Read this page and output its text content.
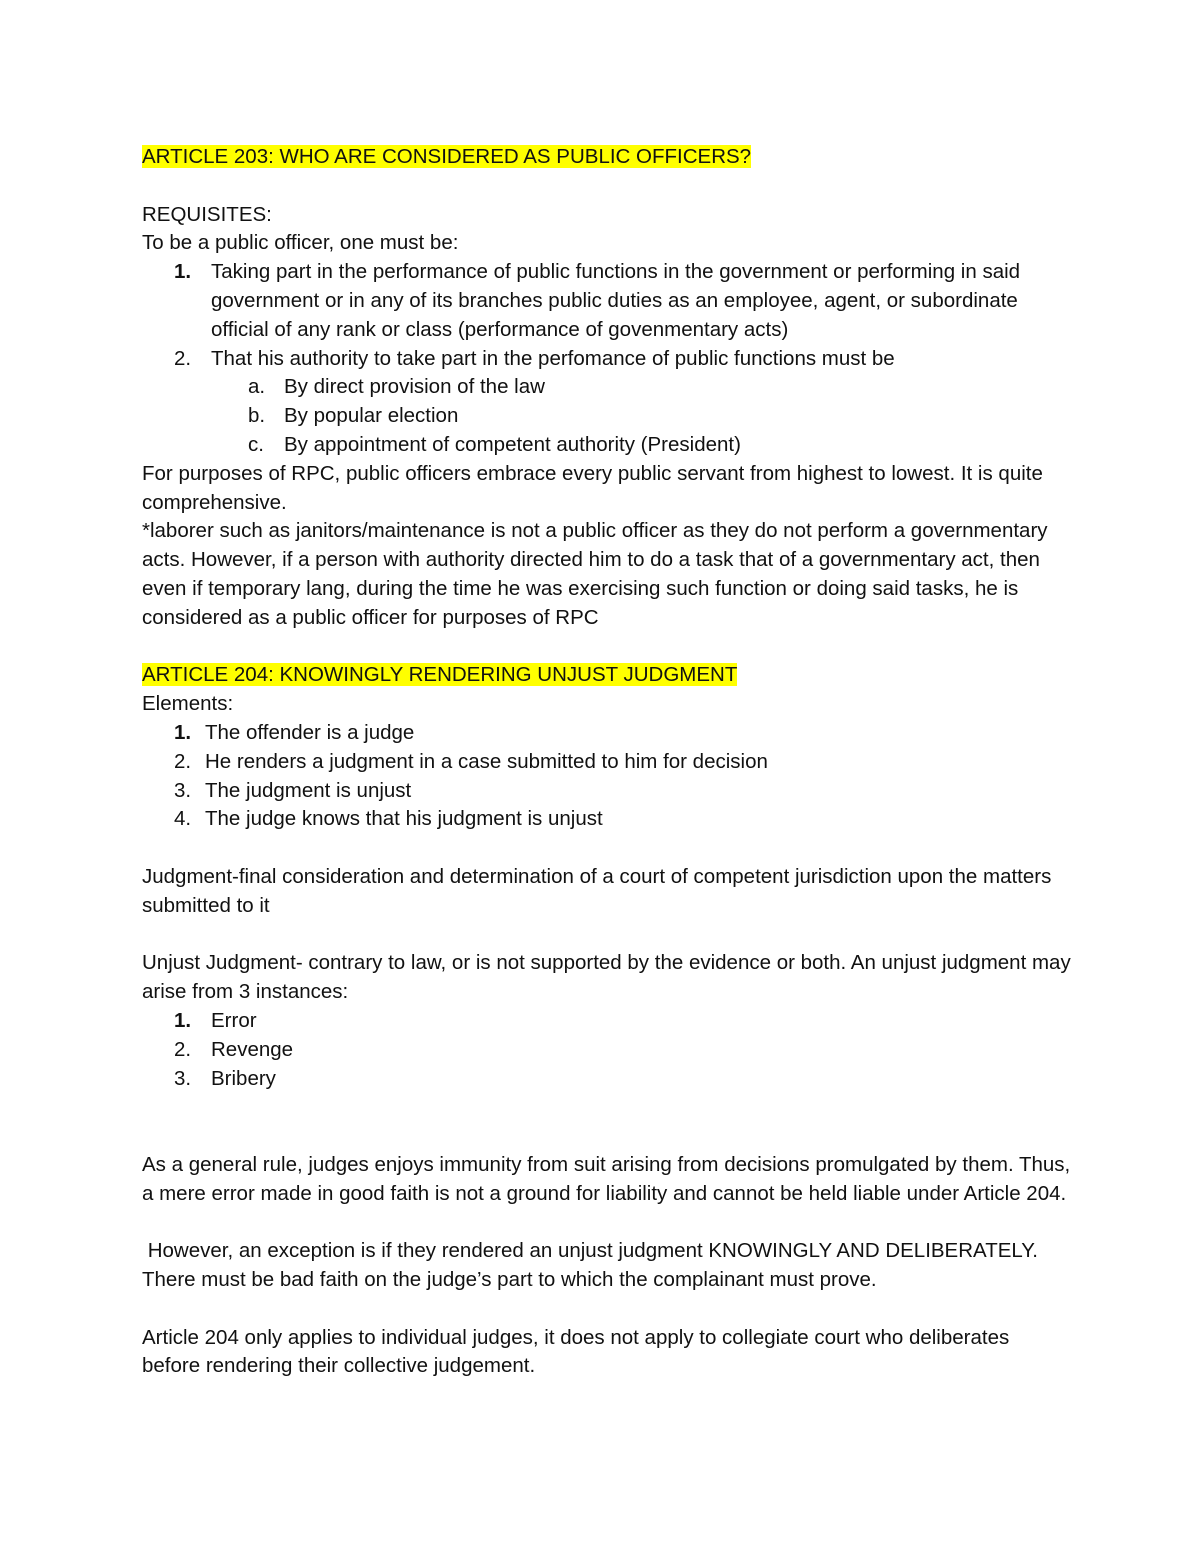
ARTICLE 203: WHO ARE CONSIDERED AS PUBLIC OFFICERS?

REQUISITES:

To be a public officer, one must be:

1. Taking part in the performance of public functions in the government or performing in said government or in any of its branches public duties as an employee, agent, or subordinate official of any rank or class (performance of govenmentary acts)
2. That his authority to take part in the perfomance of public functions must be
a. By direct provision of the law
b. By popular election
c. By appointment of competent authority (President)

For purposes of RPC, public officers embrace every public servant from highest to lowest. It is quite comprehensive.

*laborer such as janitors/maintenance is not a public officer as they do not perform a governmentary acts. However, if a person with authority directed him to do a task that of a governmentary act, then even if temporary lang, during the time he was exercising such function or doing said tasks, he is considered as a public officer for purposes of RPC

ARTICLE 204: KNOWINGLY RENDERING UNJUST JUDGMENT

Elements:

1. The offender is a judge
2. He renders a judgment in a case submitted to him for decision
3. The judgment is unjust
4. The judge knows that his judgment is unjust

Judgment-final consideration and determination of a court of competent jurisdiction upon the matters submitted to it

Unjust Judgment- contrary to law, or is not supported by the evidence or both. An unjust judgment may arise from 3 instances:

1. Error
2. Revenge
3. Bribery

As a general rule, judges enjoys immunity from suit arising from decisions promulgated by them. Thus, a mere error made in good faith is not a ground for liability and cannot be held liable under Article 204.

However, an exception is if they rendered an unjust judgment KNOWINGLY AND DELIBERATELY. There must be bad faith on the judge’s part to which the complainant must prove.

Article 204 only applies to individual judges, it does not apply to collegiate court who deliberates before rendering their collective judgement.
